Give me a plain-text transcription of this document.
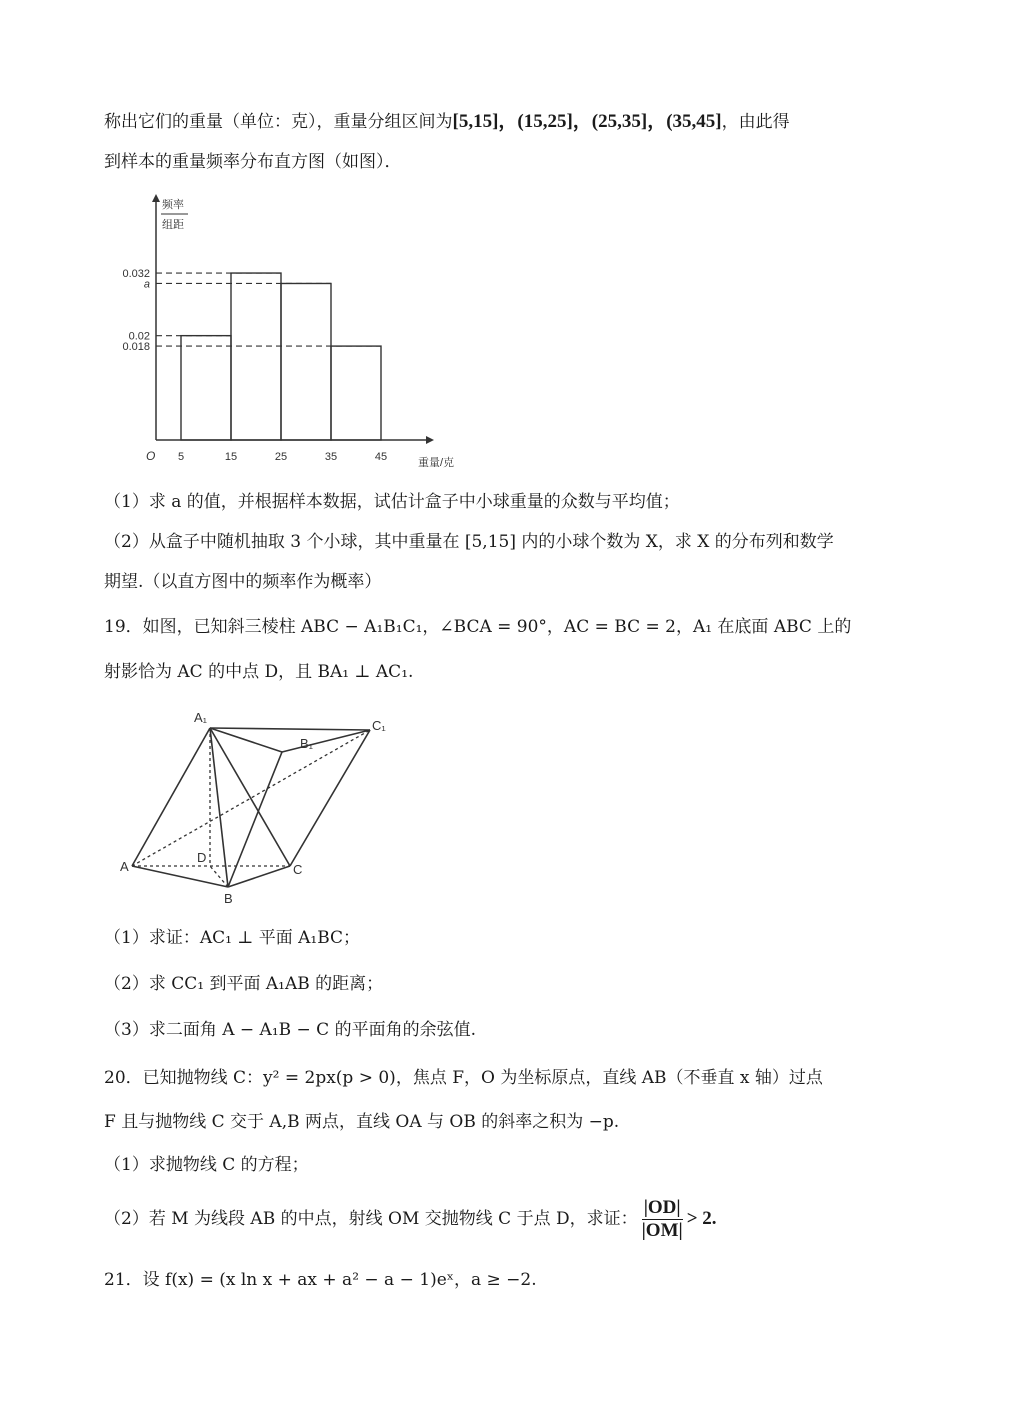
称出它们的重量（单位：克），重量分组区间为[5,15]，(15,25]，(25,35]，(35,45]，由此得
到样本的重量频率分布直方图（如图）．
频率
组距
O	重量/克
5	15	25	35	45
0.032
a
0.02
0.018
（1）求 a 的值，并根据样本数据，试估计盒子中小球重量的众数与平均值；
（2）从盒子中随机抽取 3 个小球，其中重量在 [5,15] 内的小球个数为 X，求 X 的分布列和数学
期望.（以直方图中的频率作为概率）
19．如图，已知斜三棱柱 ABC − A₁B₁C₁，∠BCA = 90°，AC = BC = 2，A₁ 在底面 ABC 上的
射影恰为 AC 的中点 D，且 BA₁ ⊥ AC₁.
A₁
B₁
C₁
A
B
C
D
（1）求证：AC₁ ⊥ 平面 A₁BC；
（2）求 CC₁ 到平面 A₁AB 的距离；
（3）求二面角 A − A₁B − C 的平面角的余弦值.
20．已知抛物线 C：y² = 2px(p > 0)，焦点 F，O 为坐标原点，直线 AB（不垂直 x 轴）过点
F 且与抛物线 C 交于 A,B 两点，直线 OA 与 OB 的斜率之积为 −p.
（1）求抛物线 C 的方程；
（2）若 M 为线段 AB 的中点，射线 OM 交抛物线 C 于点 D，求证： $\frac{|OD|}{|OM|} > 2$.
21．设 f(x) = (x ln x + ax + a² − a − 1)eˣ，a ≥ −2.
